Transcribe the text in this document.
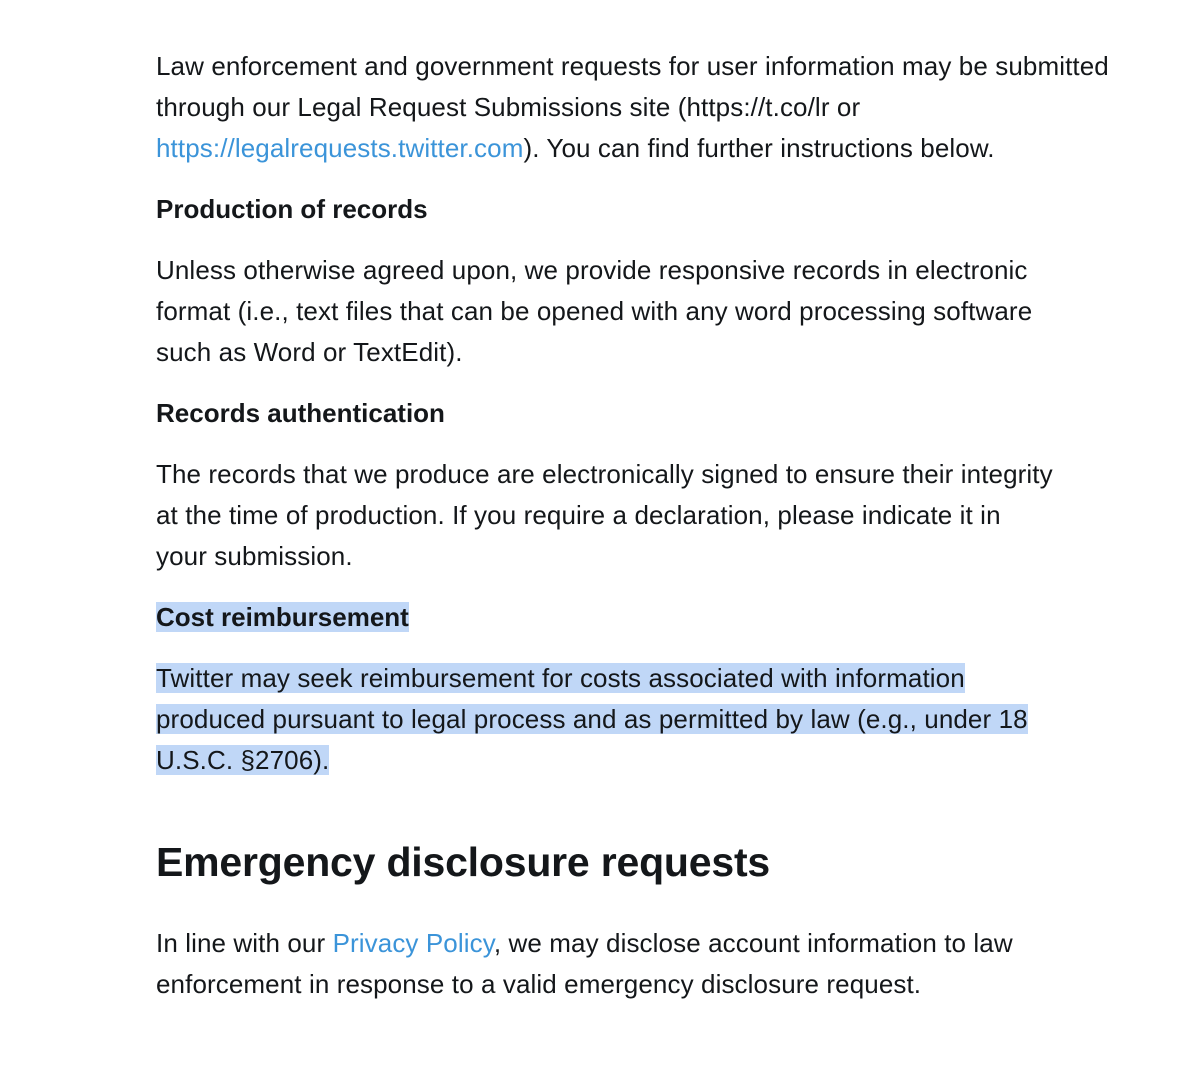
Law enforcement and government requests for user information may be submitted through our Legal Request Submissions site (https://t.co/lr or https://legalrequests.twitter.com). You can find further instructions below.

Production of records

Unless otherwise agreed upon, we provide responsive records in electronic format (i.e., text files that can be opened with any word processing software such as Word or TextEdit).

Records authentication

The records that we produce are electronically signed to ensure their integrity at the time of production. If you require a declaration, please indicate it in your submission.

Cost reimbursement

Twitter may seek reimbursement for costs associated with information produced pursuant to legal process and as permitted by law (e.g., under 18 U.S.C. §2706).

Emergency disclosure requests

In line with our Privacy Policy, we may disclose account information to law enforcement in response to a valid emergency disclosure request.
